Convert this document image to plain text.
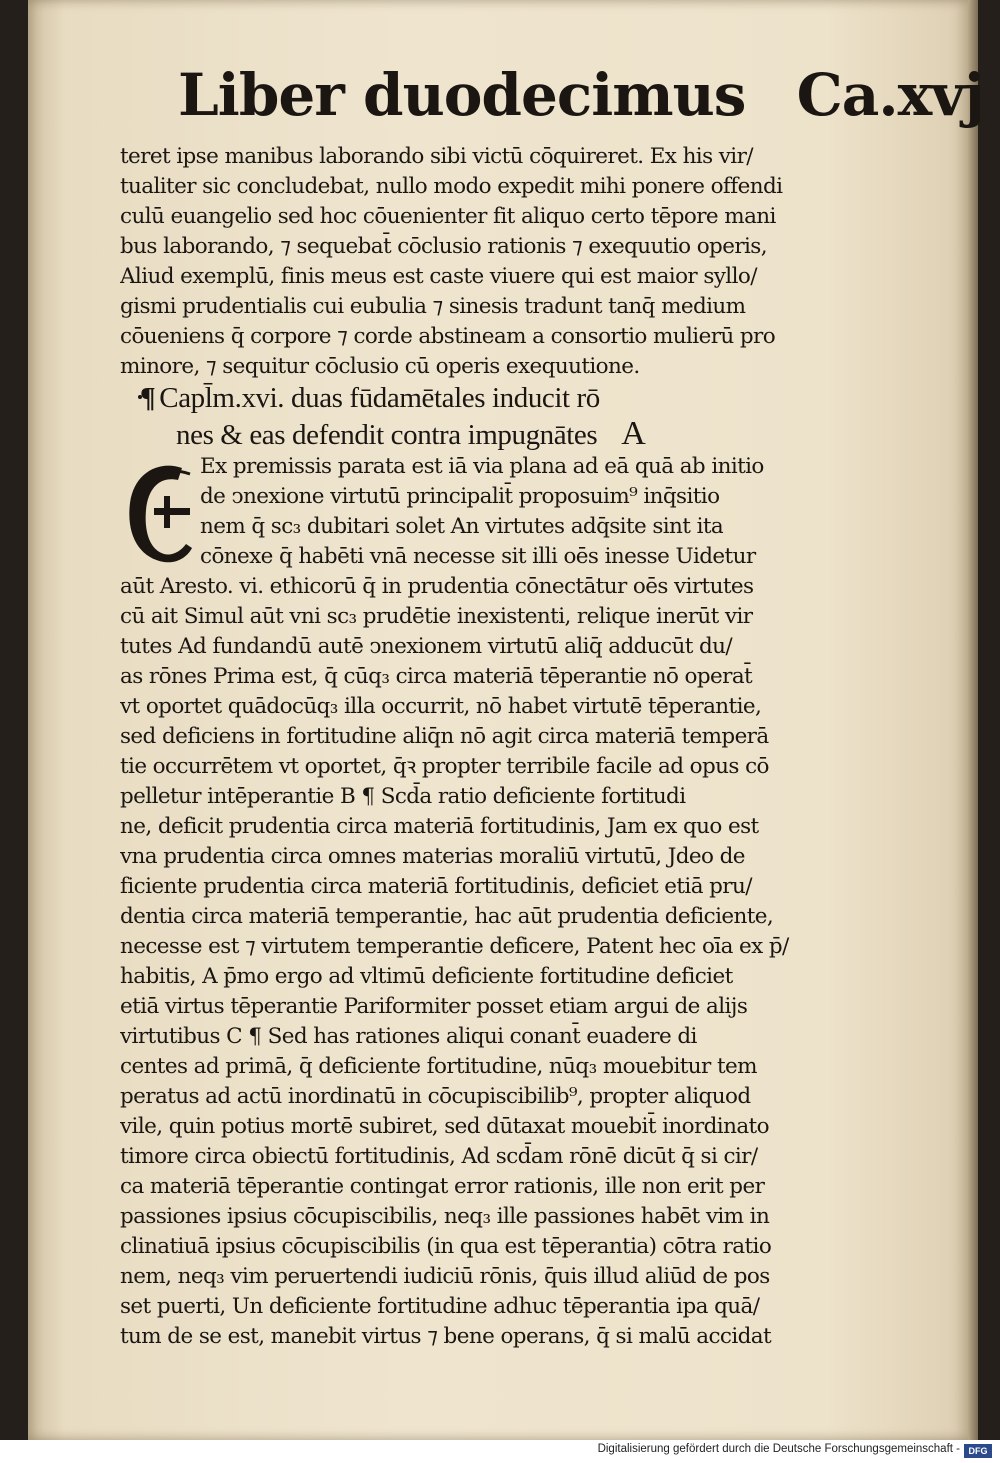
Liber duodecimus Ca.xvj
teret ipse manibus laborando sibi victū cōquireret. Ex his vir/
tualiter sic concludebat, nullo modo expedit mihi ponere offendi
culū euangelio sed hoc cōuenienter fit aliquo certo tēpore mani
bus laborando, ⁊ sequebat̄ cōclusio rationis ⁊ exequutio operis,
Aliud exemplū, finis meus est caste viuere qui est maior syllo/
gismi prudentialis cui eubulia ⁊ sinesis tradunt tanq̄ medium
cōueniens q̄ corpore ⁊ corde abstineam a consortio mulierū pro
minore, ⁊ sequitur cōclusio cū operis exequutione.
¶ Capl̄m.xvi. duas fūdamētales inducit rō
nes & eas defendit contra impugnātes A
Ex premissis parata est iā via plana ad eā quā ab initio
de ↄnexione virtutū principalit̄ proposuim⁹ inq̄sitio
nem q̄ sc₃ dubitari solet An virtutes adq̄site sint ita
cōnexe q̄ habēti vnā necesse sit illi oēs inesse Uidetur
aūt Aresto. vi. ethicorū q̄ in prudentia cōnectātur oēs virtutes
cū ait Simul aūt vni sc₃ prudētie inexistenti, relique inerūt vir
tutes Ad fundandū autē ↄnexionem virtutū aliq̄ adducūt du/
as rōnes Prima est, q̄ cūq₃ circa materiā tēperantie nō operat̄
vt oportet quādocūq₃ illa occurrit, nō habet virtutē tēperantie,
sed deficiens in fortitudine aliq̄n nō agit circa materiā temperā
tie occurrētem vt oportet, q̄ꝛ propter terribile facile ad opus cō
pelletur intēperantie B ¶ Scd̄a ratio deficiente fortitudi
ne, deficit prudentia circa materiā fortitudinis, Jam ex quo est
vna prudentia circa omnes materias moraliū virtutū, Jdeo de
ficiente prudentia circa materiā fortitudinis, deficiet etiā pru/
dentia circa materiā temperantie, hac aūt prudentia deficiente,
necesse est ⁊ virtutem temperantie deficere, Patent hec oīa ex p̄/
habitis, A p̄mo ergo ad vltimū deficiente fortitudine deficiet
etiā virtus tēperantie Pariformiter posset etiam argui de alijs
virtutibus C ¶ Sed has rationes aliqui conant̄ euadere di
centes ad primā, q̄ deficiente fortitudine, nūq₃ mouebitur tem
peratus ad actū inordinatū in cōcupiscibilib⁹, propter aliquod
vile, quin potius mortē subiret, sed dūtaxat mouebit̄ inordinato
timore circa obiectū fortitudinis, Ad scd̄am rōnē dicūt q̄ si cir/
ca materiā tēperantie contingat error rationis, ille non erit per
passiones ipsius cōcupiscibilis, neq₃ ille passiones habēt vim in
clinatiuā ipsius cōcupiscibilis (in qua est tēperantia) cōtra ratio
nem, neq₃ vim peruertendi iudiciū rōnis, q̄uis illud aliūd de pos
set puerti, Un deficiente fortitudine adhuc tēperantia ipa quā/
tum de se est, manebit virtus ⁊ bene operans, q̄ si malū accidat
Digitalisierung gefördert durch die Deutsche Forschungsgemeinschaft - DFG
